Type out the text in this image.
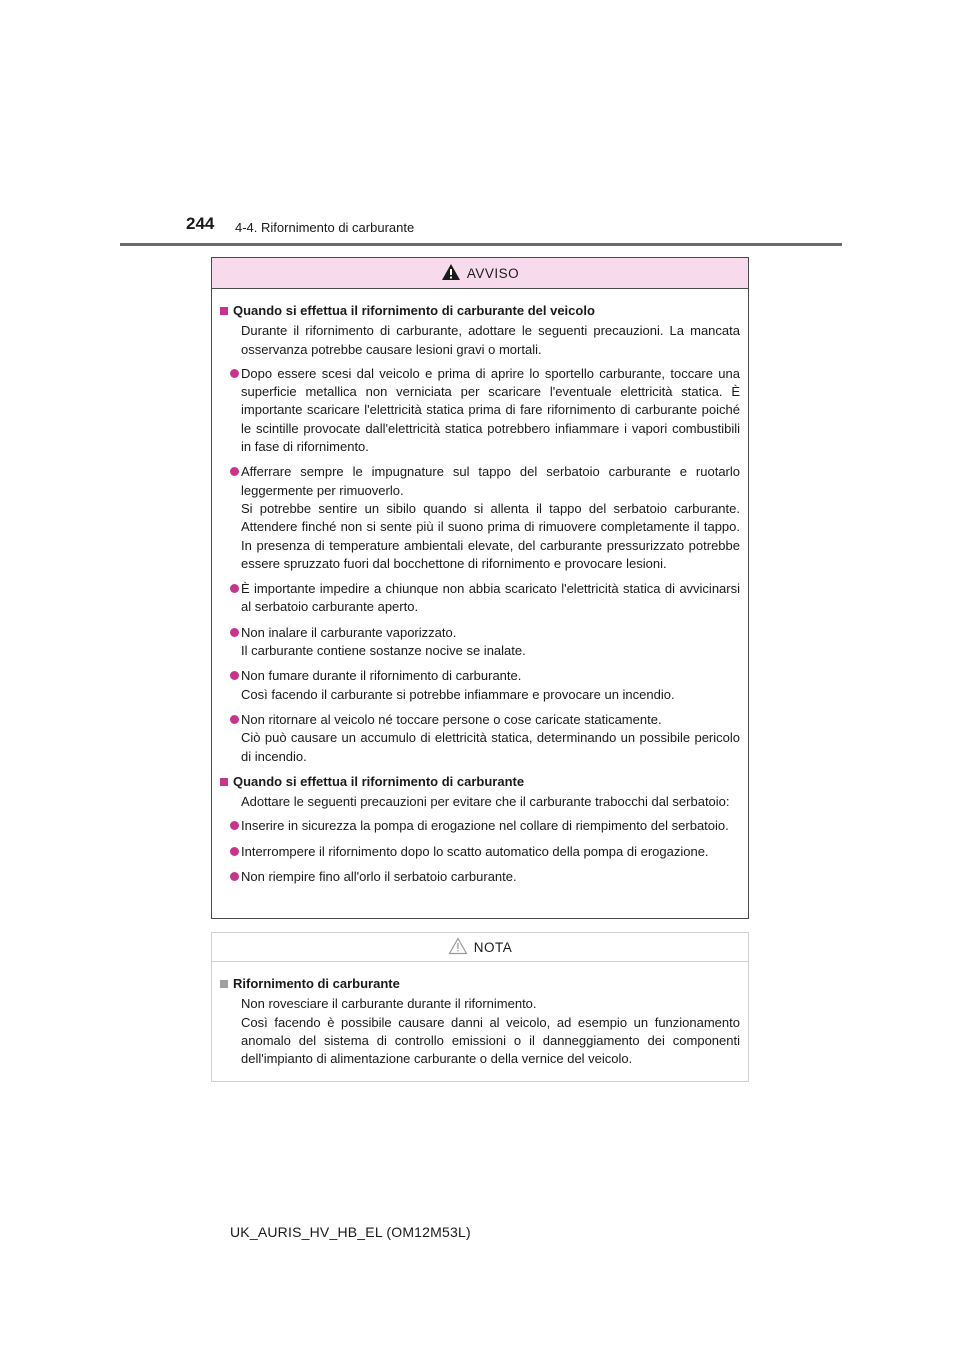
244 4-4. Rifornimento di carburante
AVVISO
Quando si effettua il rifornimento di carburante del veicolo
Durante il rifornimento di carburante, adottare le seguenti precauzioni. La mancata osservanza potrebbe causare lesioni gravi o mortali.
Dopo essere scesi dal veicolo e prima di aprire lo sportello carburante, toccare una superficie metallica non verniciata per scaricare l'eventuale elettricità statica. È importante scaricare l'elettricità statica prima di fare rifornimento di carburante poiché le scintille provocate dall'elettricità statica potrebbero infiammare i vapori combustibili in fase di rifornimento.
Afferrare sempre le impugnature sul tappo del serbatoio carburante e ruotarlo leggermente per rimuoverlo.
Si potrebbe sentire un sibilo quando si allenta il tappo del serbatoio carburante. Attendere finché non si sente più il suono prima di rimuovere completamente il tappo. In presenza di temperature ambientali elevate, del carburante pressurizzato potrebbe essere spruzzato fuori dal bocchettone di rifornimento e provocare lesioni.
È importante impedire a chiunque non abbia scaricato l'elettricità statica di avvicinarsi al serbatoio carburante aperto.
Non inalare il carburante vaporizzato.
Il carburante contiene sostanze nocive se inalate.
Non fumare durante il rifornimento di carburante.
Così facendo il carburante si potrebbe infiammare e provocare un incendio.
Non ritornare al veicolo né toccare persone o cose caricate staticamente.
Ciò può causare un accumulo di elettricità statica, determinando un possibile pericolo di incendio.
Quando si effettua il rifornimento di carburante
Adottare le seguenti precauzioni per evitare che il carburante trabocchi dal serbatoio:
Inserire in sicurezza la pompa di erogazione nel collare di riempimento del serbatoio.
Interrompere il rifornimento dopo lo scatto automatico della pompa di erogazione.
Non riempire fino all'orlo il serbatoio carburante.
NOTA
Rifornimento di carburante
Non rovesciare il carburante durante il rifornimento.
Così facendo è possibile causare danni al veicolo, ad esempio un funzionamento anomalo del sistema di controllo emissioni o il danneggiamento dei componenti dell'impianto di alimentazione carburante o della vernice del veicolo.
UK_AURIS_HV_HB_EL (OM12M53L)
